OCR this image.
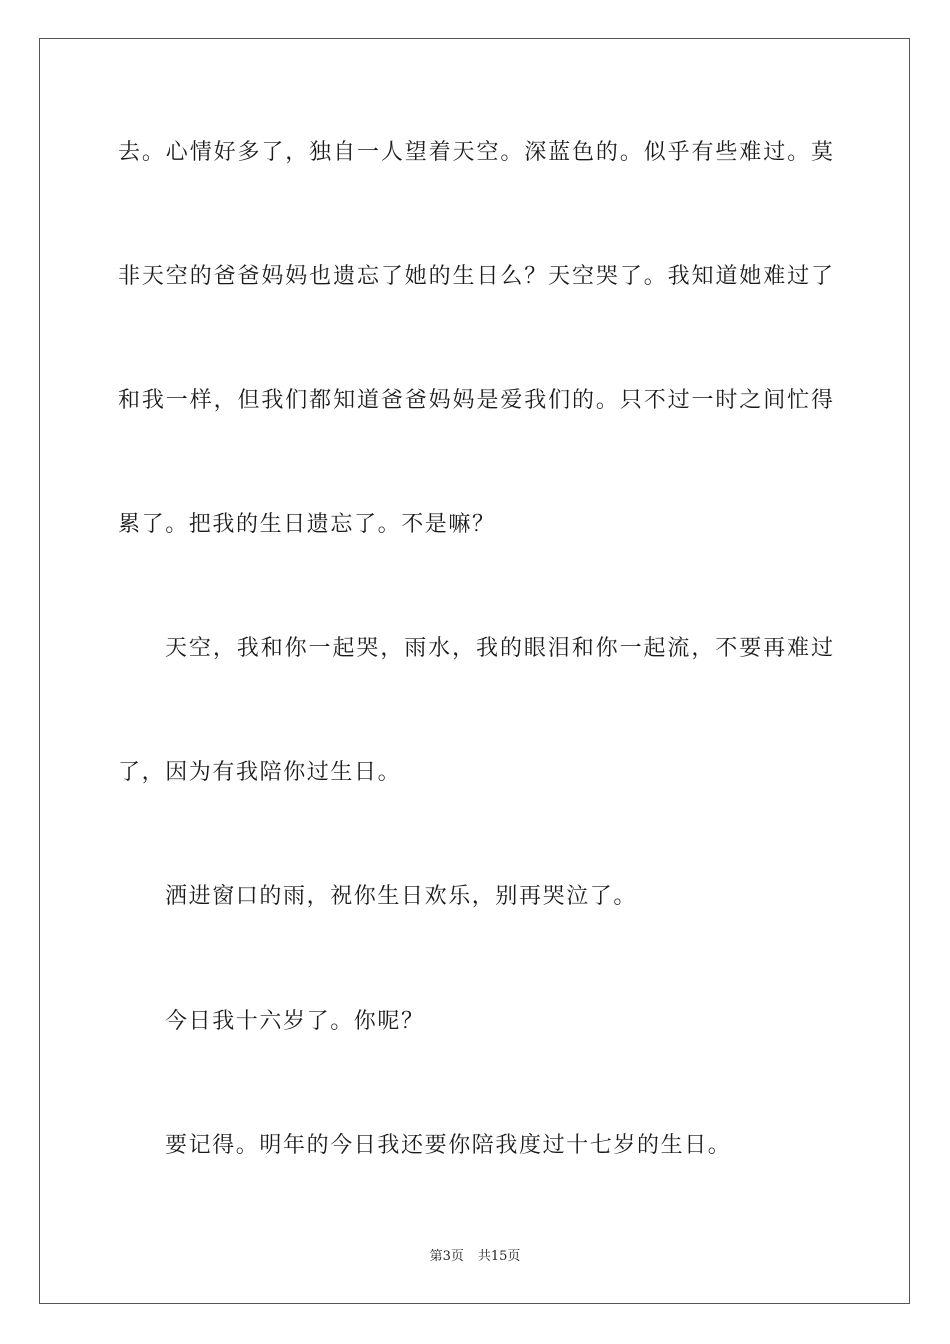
去。心情好多了，独自一人望着天空。深蓝色的。似乎有些难过。莫
非天空的爸爸妈妈也遗忘了她的生日么？天空哭了。我知道她难过了
和我一样，但我们都知道爸爸妈妈是爱我们的。只不过一时之间忙得
累了。把我的生日遗忘了。不是嘛？
天空，我和你一起哭，雨水，我的眼泪和你一起流，不要再难过
了，因为有我陪你过生日。
洒进窗口的雨，祝你生日欢乐，别再哭泣了。
今日我十六岁了。你呢？
要记得。明年的今日我还要你陪我度过十七岁的生日。
第3页 共15页
